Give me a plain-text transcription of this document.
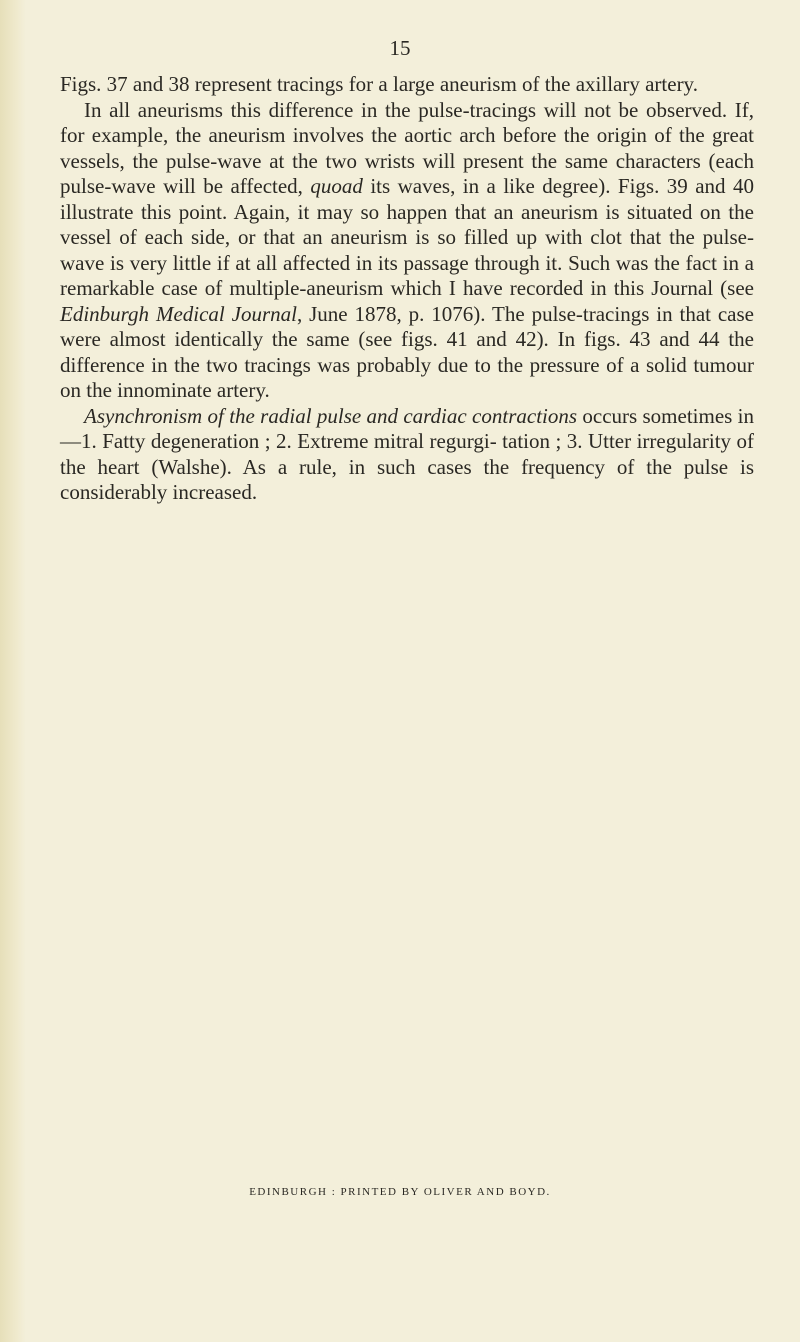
15

Figs. 37 and 38 represent tracings for a large aneurism of the axillary artery.

In all aneurisms this difference in the pulse-tracings will not be observed. If, for example, the aneurism involves the aortic arch before the origin of the great vessels, the pulse-wave at the two wrists will present the same characters (each pulse-wave will be affected, quoad its waves, in a like degree). Figs. 39 and 40 illustrate this point. Again, it may so happen that an aneurism is situated on the vessel of each side, or that an aneurism is so filled up with clot that the pulse-wave is very little if at all affected in its passage through it. Such was the fact in a remarkable case of multiple-aneurism which I have recorded in this Journal (see Edinburgh Medical Journal, June 1878, p. 1076). The pulse-tracings in that case were almost identically the same (see figs. 41 and 42). In figs. 43 and 44 the difference in the two tracings was probably due to the pressure of a solid tumour on the innominate artery.

Asynchronism of the radial pulse and cardiac contractions occurs sometimes in—1. Fatty degeneration ; 2. Extreme mitral regurgi- tation ; 3. Utter irregularity of the heart (Walshe). As a rule, in such cases the frequency of the pulse is considerably increased.

EDINBURGH : PRINTED BY OLIVER AND BOYD.
